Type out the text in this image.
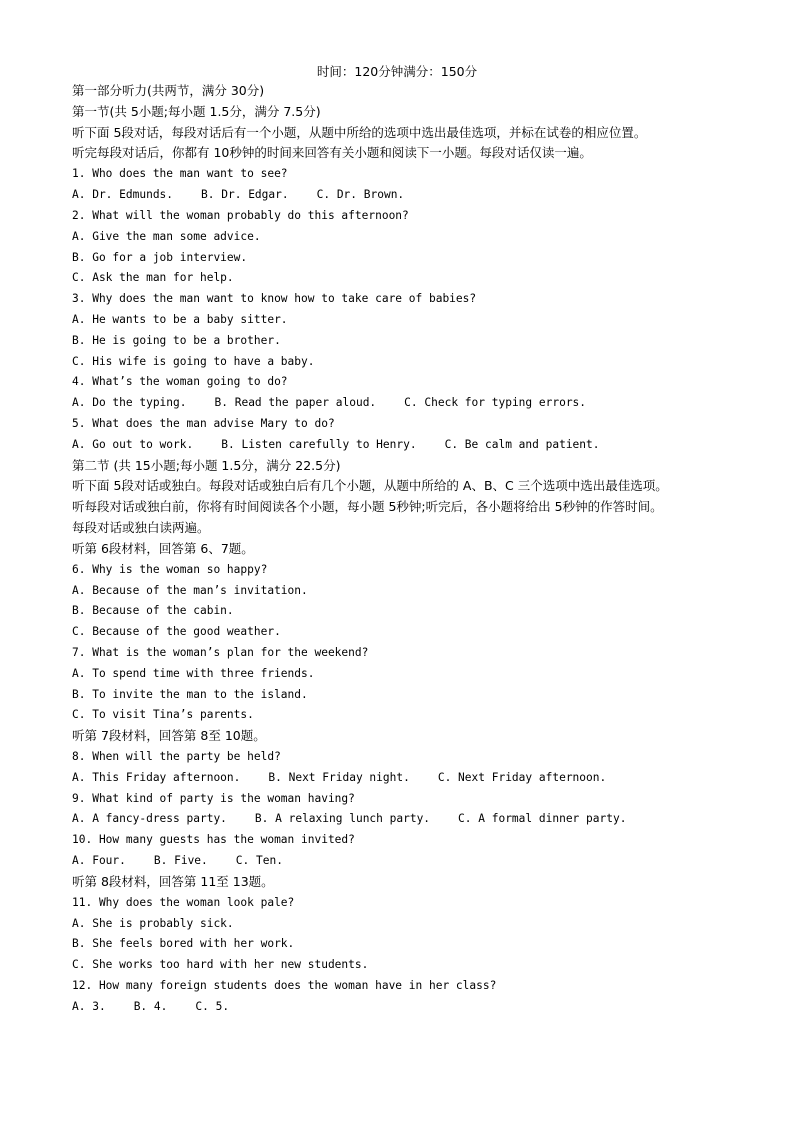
时间：120分钟满分：150分
第一部分听力(共两节，满分 30分)
第一节(共 5小题;每小题 1.5分，满分 7.5分)
听下面 5段对话，每段对话后有一个小题，从题中所给的选项中选出最佳选项，并标在试卷的相应位置。
听完每段对话后，你都有 10秒钟的时间来回答有关小题和阅读下一小题。每段对话仅读一遍。
1. Who does the man want to see?
A. Dr. Edmunds.	B. Dr. Edgar.	C. Dr. Brown.
2. What will the woman probably do this afternoon?
A. Give the man some advice.
B. Go for a job interview.
C. Ask the man for help.
3. Why does the man want to know how to take care of babies?
A. He wants to be a baby sitter.
B. He is going to be a brother.
C. His wife is going to have a baby.
4. What’s the woman going to do?
A. Do the typing.	B. Read the paper aloud.	C. Check for typing errors.
5. What does the man advise Mary to do?
A. Go out to work.	B. Listen carefully to Henry.	C. Be calm and patient.
第二节 (共 15小题;每小题 1.5分，满分 22.5分)
听下面 5段对话或独白。每段对话或独白后有几个小题，从题中所给的 A、B、C 三个选项中选出最佳选项。
听每段对话或独白前，你将有时间阅读各个小题，每小题 5秒钟;听完后，各小题将给出 5秒钟的作答时间。
每段对话或独白读两遍。
听第 6段材料，回答第 6、7题。
6. Why is the woman so happy?
A. Because of the man’s invitation.
B. Because of the cabin.
C. Because of the good weather.
7. What is the woman’s plan for the weekend?
A. To spend time with three friends.
B. To invite the man to the island.
C. To visit Tina’s parents.
听第 7段材料，回答第 8至 10题。
8. When will the party be held?
A. This Friday afternoon.	B. Next Friday night.	C. Next Friday afternoon.
9. What kind of party is the woman having?
A. A fancy-dress party.	B. A relaxing lunch party.	C. A formal dinner party.
10. How many guests has the woman invited?
A. Four.	B. Five.	C. Ten.
听第 8段材料，回答第 11至 13题。
11. Why does the woman look pale?
A. She is probably sick.
B. She feels bored with her work.
C. She works too hard with her new students.
12. How many foreign students does the woman have in her class?
A. 3.	B. 4.	C. 5.
